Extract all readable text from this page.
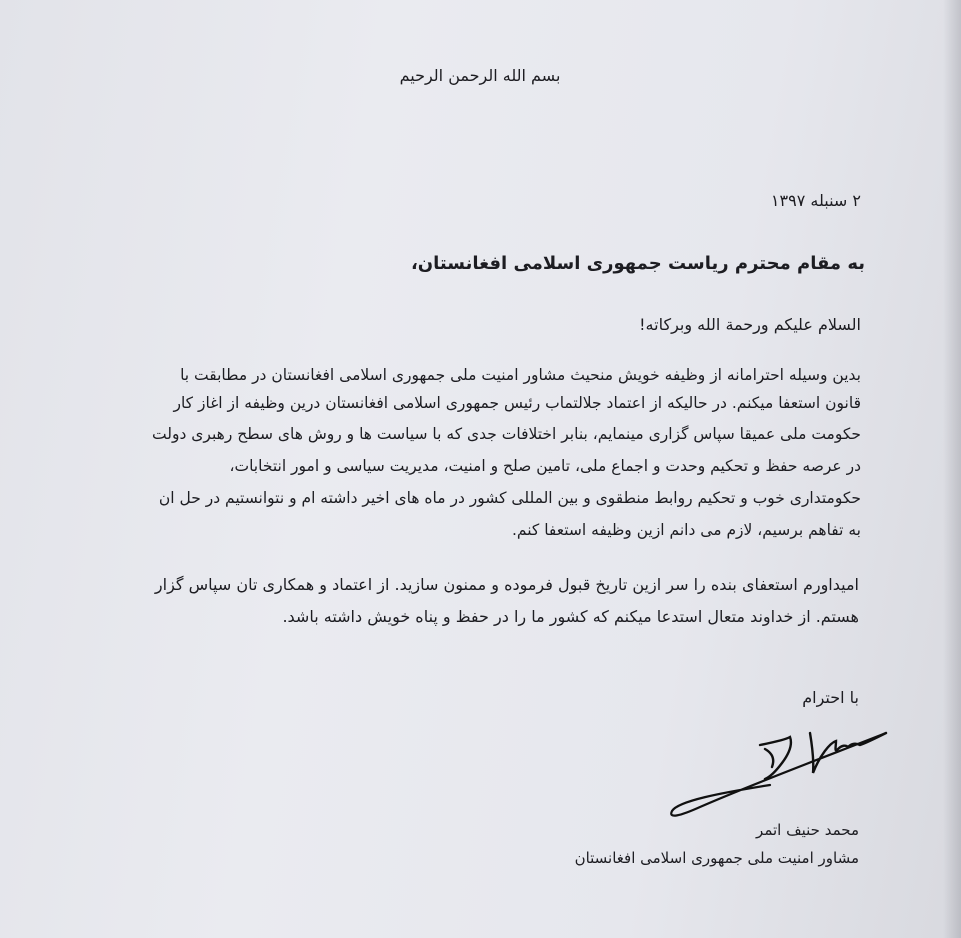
بسم الله الرحمن الرحیم
۲ سنبله ۱۳۹۷
به مقام محترم ریاست جمهوری اسلامی افغانستان،
السلام علیکم ورحمة الله وبرکاته!
بدین وسیله احترامانه از وظیفه خویش منحیث مشاور امنیت ملی جمهوری اسلامی افغانستان در مطابقت با
قانون استعفا میکنم. در حالیکه از اعتماد جلالتماب رئیس جمهوری اسلامی افغانستان درین وظیفه از اغاز کار
حکومت ملی عمیقا سپاس گزاری مینمایم، بنابر اختلافات جدی که با سیاست ها و روش های سطح رهبری دولت
در عرصه حفظ و تحکیم وحدت و اجماع ملی، تامین صلح و امنیت، مدیریت سیاسی و امور انتخابات،
حکومتداری خوب و تحکیم روابط منطقوی و بین المللی کشور در ماه های اخیر داشته ام و نتوانستیم در حل ان
به تفاهم برسیم، لازم می دانم ازین وظیفه استعفا کنم.
امیداورم استعفای بنده را سر ازین تاریخ قبول فرموده و ممنون سازید. از اعتماد و همکاری تان سپاس گزار
هستم. از خداوند متعال استدعا میکنم که کشور ما را در حفظ و پناه خویش داشته باشد.
با احترام
محمد حنیف اتمر
مشاور امنیت ملی جمهوری اسلامی افغانستان
